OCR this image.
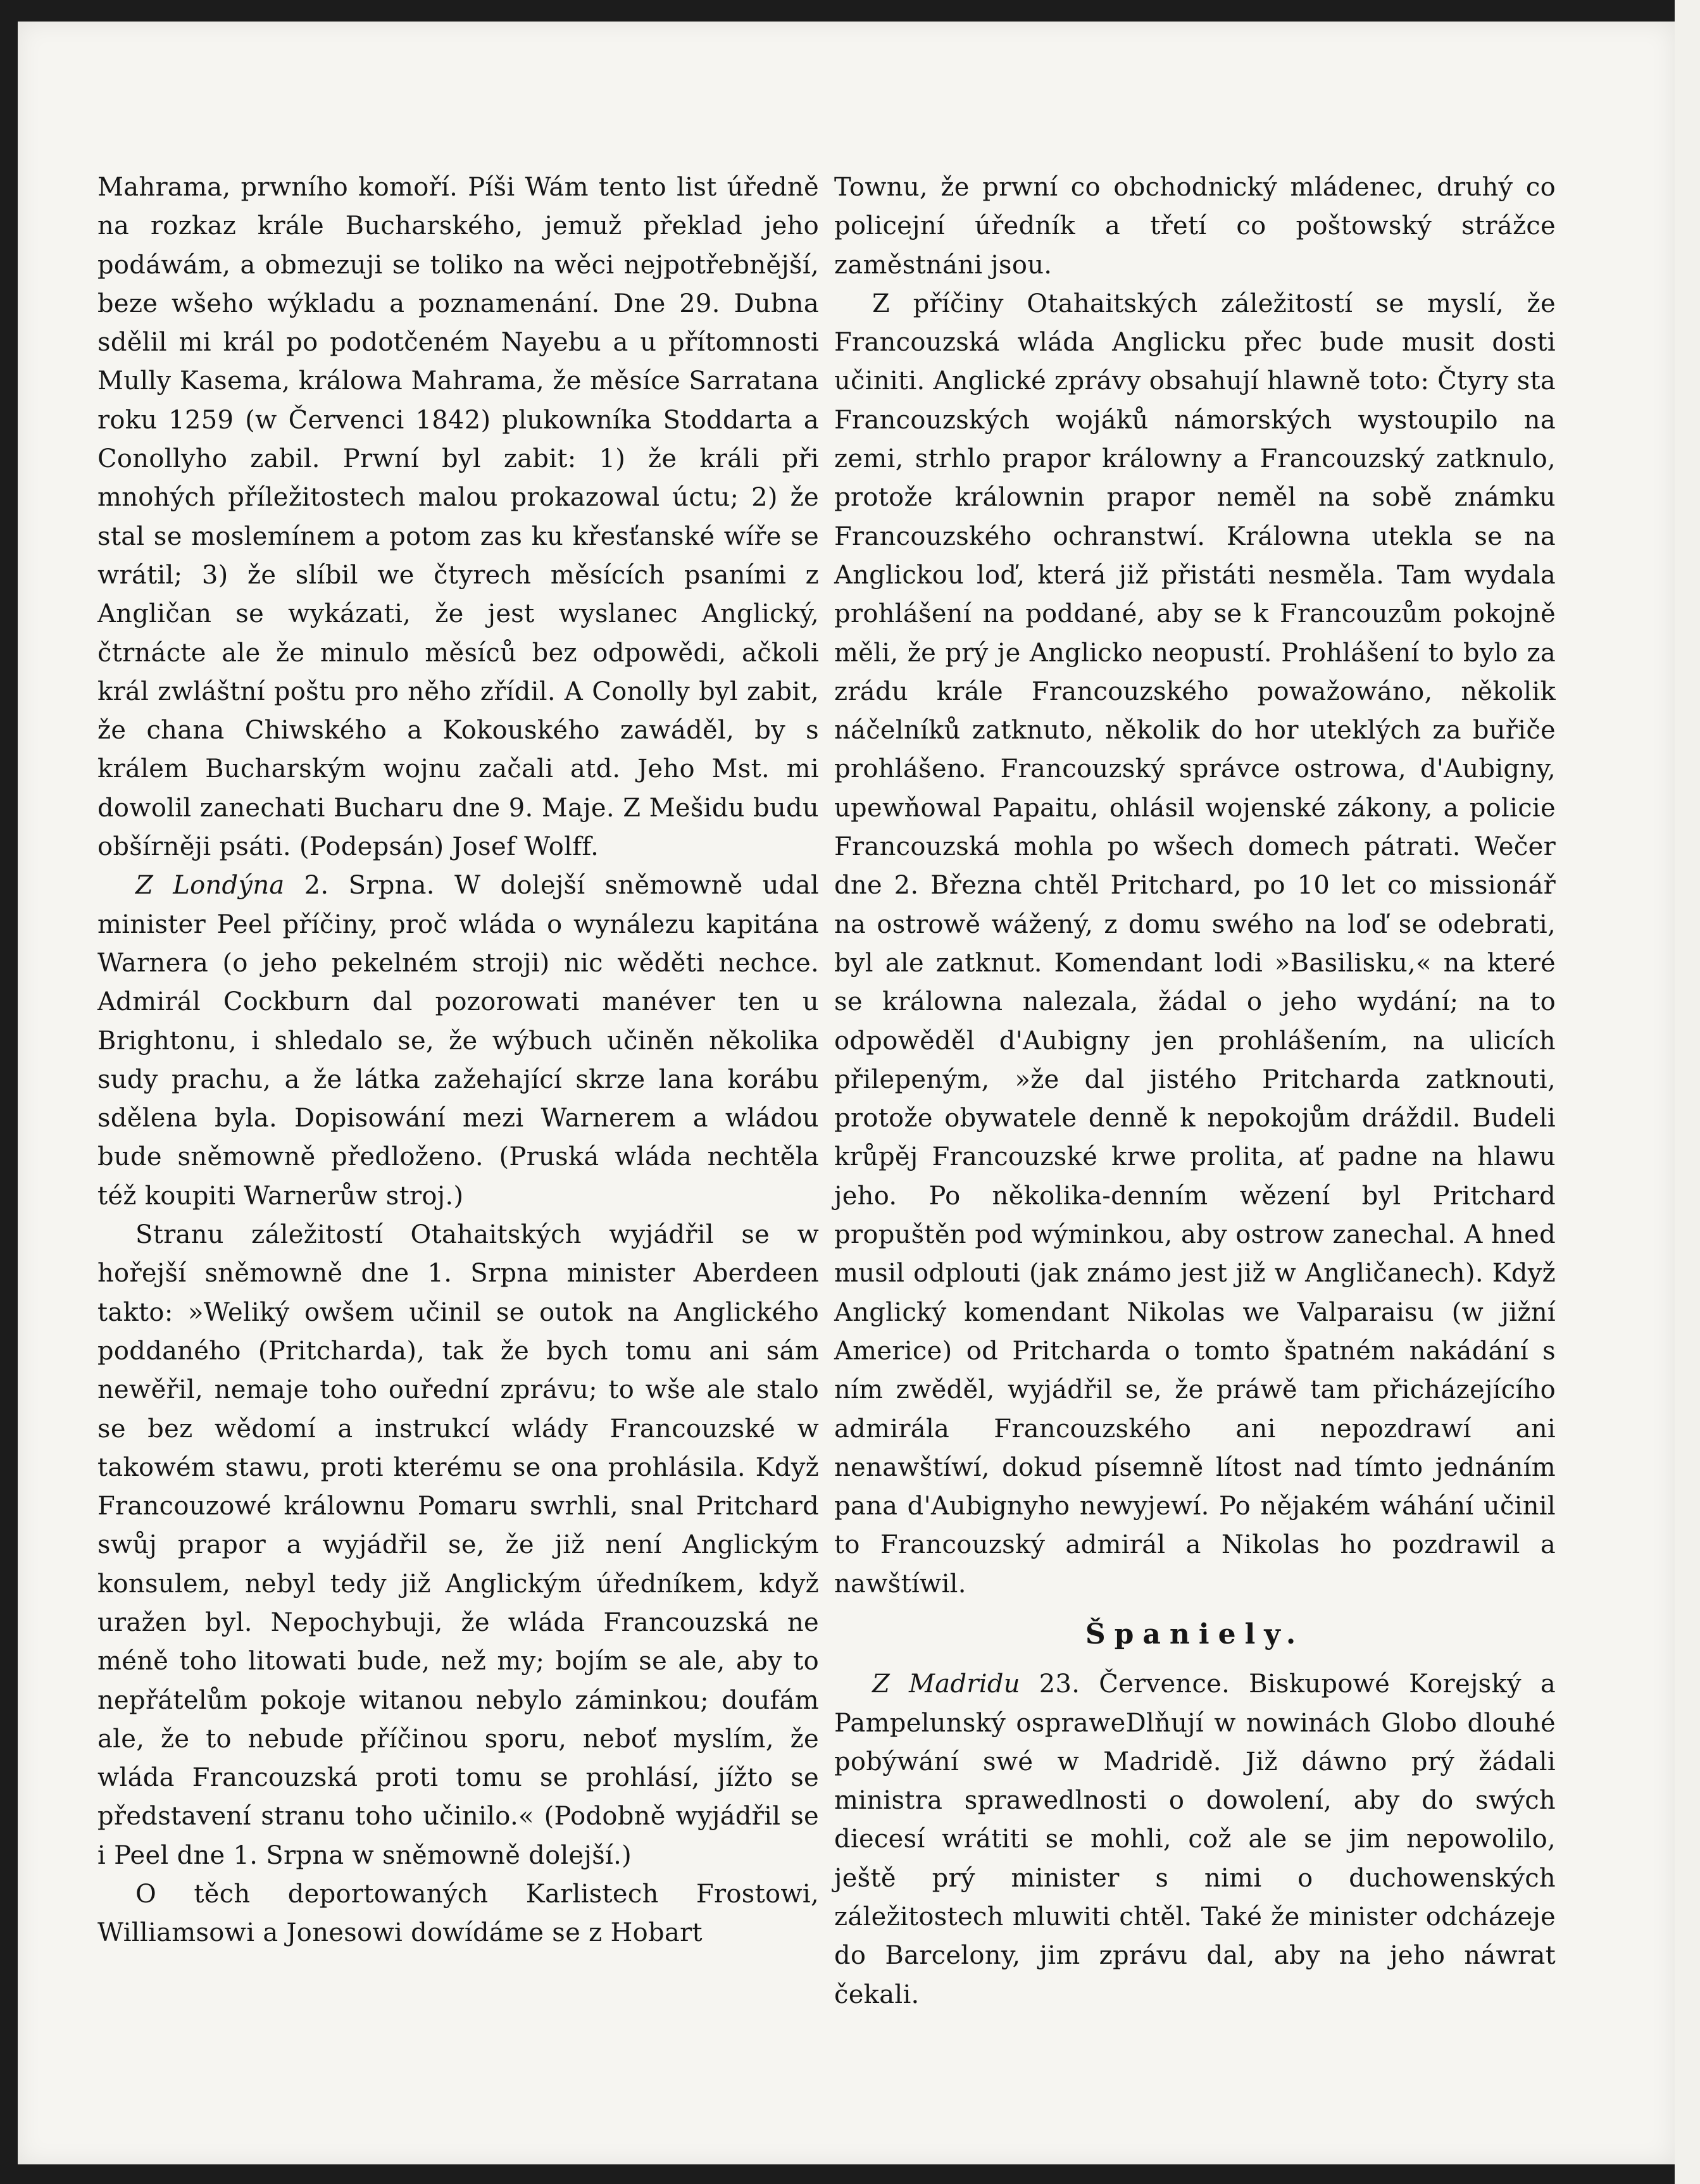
Mahrama, prwního komoří. Píši Wám tento list úředně na rozkaz krále Bucharského, jemuž překlad jeho podáwám, a obmezuji se toliko na wěci nejpotřebnější, beze wšeho wýkladu a poznamenání. Dne 29. Dubna sdělil mi král po podotčeném Nayebu a u přítomnosti Mully Kasema, králowa Mahrama, že měsíce Sarratana roku 1259 (w Červenci 1842) plukowníka Stoddarta a Conollyho zabil. Prwní byl zabit: 1) že králi při mnohých příležitostech malou prokazowal úctu; 2) že stal se moslemínem a potom zas ku křesťanské wíře se wrátil; 3) že slíbil we čtyrech měsících psaními z Angličan se wykázati, že jest wyslanec Anglický, čtrnácte ale že minulo měsíců bez odpowědi, ačkoli král zwláštní poštu pro něho zřídil. A Conolly byl zabit, že chana Chiwského a Kokouského zawáděl, by s králem Bucharským wojnu začali atd. Jeho Mst. mi dowolil zanechati Bucharu dne 9. Maje. Z Mešidu budu obšírněji psáti. (Podepsán) Josef Wolff.

Z Londýna 2. Srpna. W dolejší sněmowně udal minister Peel příčiny, proč wláda o wynálezu kapitána Warnera (o jeho pekelném stroji) nic wěděti nechce. Admirál Cockburn dal pozorowati manéver ten u Brightonu, i shledalo se, že wýbuch učiněn několika sudy prachu, a že látka zažehající skrze lana korábu sdělena byla. Dopisowání mezi Warnerem a wládou bude sněmowně předloženo. (Pruská wláda nechtěla též koupiti Warnerůw stroj.)

Stranu záležitostí Otahaitských wyjádřil se w hořejší sněmowně dne 1. Srpna minister Aberdeen takto: »Weliký owšem učinil se outok na Anglického poddaného (Pritcharda), tak že bych tomu ani sám newěřil, nemaje toho ouřední zprávu; to wše ale stalo se bez wědomí a instrukcí wlády Francouzské w takowém stawu, proti kterému se ona prohlásila. Když Francouzowé králownu Pomaru swrhli, snal Pritchard swůj prapor a wyjádřil se, že již není Anglickým konsulem, nebyl tedy již Anglickým úředníkem, když uražen byl. Nepochybuji, že wláda Francouzská ne méně toho litowati bude, než my; bojím se ale, aby to nepřátelům pokoje witanou nebylo záminkou; doufám ale, že to nebude příčinou sporu, neboť myslím, že wláda Francouzská proti tomu se prohlásí, jížto se představení stranu toho učinilo.« (Podobně wyjádřil se i Peel dne 1. Srpna w sněmowně dolejší.)

O těch deportowaných Karlistech Frostowi, Williamsowi a Jonesowi dowídáme se z Hobart

Townu, že prwní co obchodnický mládenec, druhý co policejní úředník a třetí co poštowský strážce zaměstnáni jsou.

Z příčiny Otahaitských záležitostí se myslí, že Francouzská wláda Anglicku přec bude musit dosti učiniti. Anglické zprávy obsahují hlawně toto: Čtyry sta Francouzských wojáků námorských wystoupilo na zemi, strhlo prapor králowny a Francouzský zatknulo, protože králownin prapor neměl na sobě známku Francouzského ochranstwí. Králowna utekla se na Anglickou loď, která již přistáti nesměla. Tam wydala prohlášení na poddané, aby se k Francouzům pokojně měli, že prý je Anglicko neopustí. Prohlášení to bylo za zrádu krále Francouzského powažowáno, několik náčelníků zatknuto, několik do hor uteklých za buřiče prohlášeno. Francouzský správce ostrowa, d'Aubigny, upewňowal Papaitu, ohlásil wojenské zákony, a policie Francouzská mohla po wšech domech pátrati. Wečer dne 2. Března chtěl Pritchard, po 10 let co missionář na ostrowě wážený, z domu swého na loď se odebrati, byl ale zatknut. Komendant lodi »Basilisku,« na které se králowna nalezala, žádal o jeho wydání; na to odpowěděl d'Aubigny jen prohlášením, na ulicích přilepeným, »že dal jistého Pritcharda zatknouti, protože obywatele denně k nepokojům dráždil. Budeli krůpěj Francouzské krwe prolita, ať padne na hlawu jeho. Po několika-denním wězení byl Pritchard propuštěn pod wýminkou, aby ostrow zanechal. A hned musil odplouti (jak známo jest již w Angličanech). Když Anglický komendant Nikolas we Valparaisu (w jižní Americe) od Pritcharda o tomto špatném nakádání s ním zwěděl, wyjádřil se, že práwě tam přicházejícího admirála Francouzského ani nepozdrawí ani nenawštíwí, dokud písemně lítost nad tímto jednáním pana d'Aubignyho newyjewí. Po nějakém wáhání učinil to Francouzský admirál a Nikolas ho pozdrawil a nawštíwil.

Španiely.

Z Madridu 23. Července. Biskupowé Korejský a Pampelunský ospraweDlňují w nowinách Globo dlouhé pobýwání swé w Madridě. Již dáwno prý žádali ministra sprawedlnosti o dowolení, aby do swých diecesí wrátiti se mohli, což ale se jim nepowolilo, ještě prý minister s nimi o duchowenských záležitostech mluwiti chtěl. Také že minister odcházeje do Barcelony, jim zprávu dal, aby na jeho náwrat čekali.
